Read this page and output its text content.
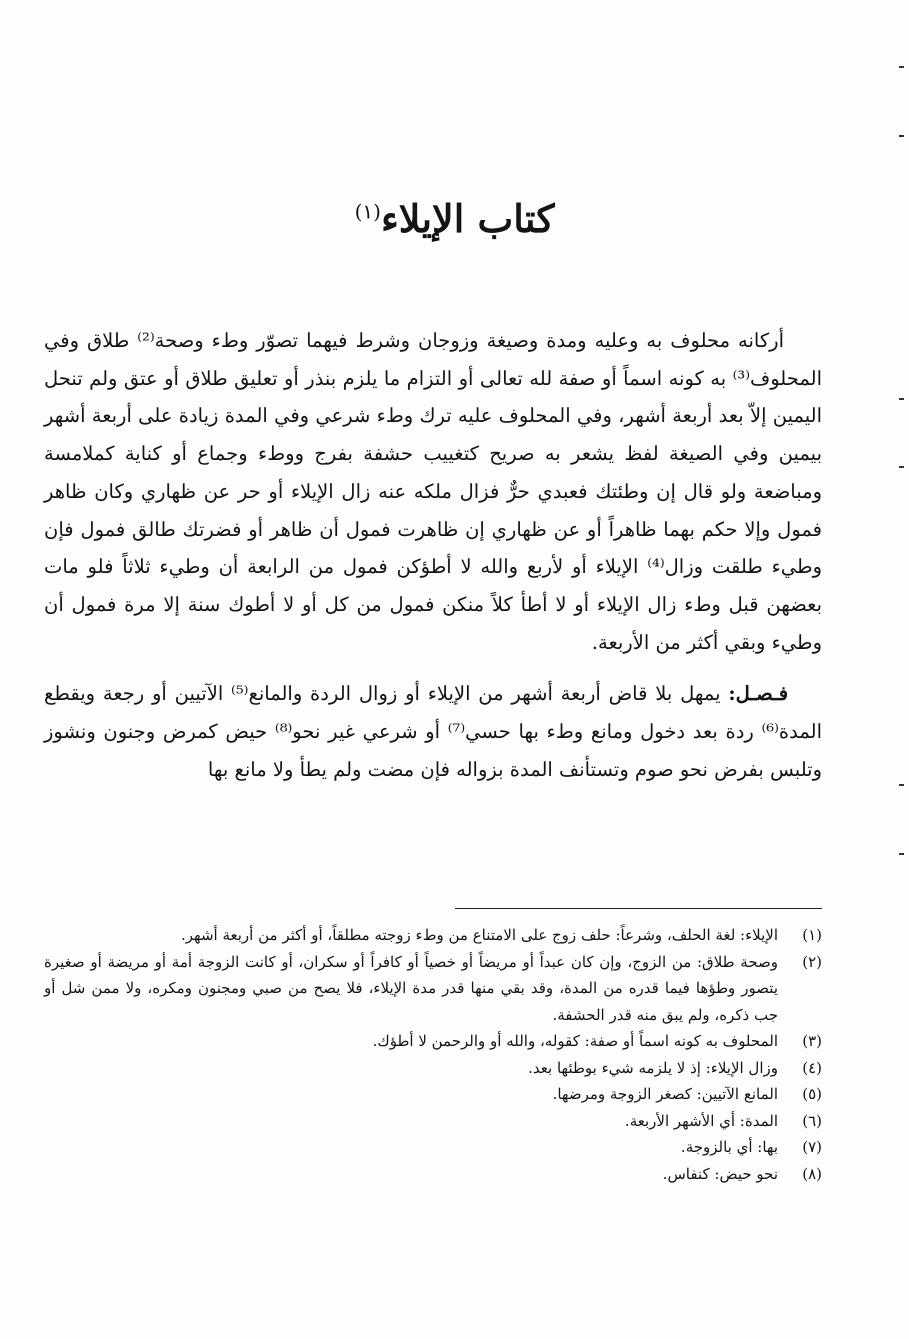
كتاب الإيلاء$^{(١)}$

أركانه محلوف به وعليه ومدة وصيغة وزوجان وشرط فيهما تصوّر وطء وصحة⁽²⁾ طلاق وفي المحلوف⁽³⁾ به كونه اسماً أو صفة لله تعالى أو التزام ما يلزم بنذر أو تعليق طلاق أو عتق ولم تنحل اليمين إلاّ بعد أربعة أشهر، وفي المحلوف عليه ترك وطء شرعي وفي المدة زيادة على أربعة أشهر بيمين وفي الصيغة لفظ يشعر به صريح كتغييب حشفة بفرج ووطء وجماع أو كناية كملامسة ومباضعة ولو قال إن وطئتك فعبدي حرٌّ فزال ملكه عنه زال الإيلاء أو حر عن ظهاري وكان ظاهر فمول وإلا حكم بهما ظاهراً أو عن ظهاري إن ظاهرت فمول أن ظاهر أو فضرتك طالق فمول فإن وطيء طلقت وزال⁽⁴⁾ الإيلاء أو لأربع والله لا أطؤكن فمول من الرابعة أن وطيء ثلاثاً فلو مات بعضهن قبل وطء زال الإيلاء أو لا أطأ كلاً منكن فمول من كل أو لا أطوك سنة إلا مرة فمول أن وطيء وبقي أكثر من الأربعة.

فـصـل: يمهل بلا قاض أربعة أشهر من الإيلاء أو زوال الردة والمانع⁽⁵⁾ الآتيين أو رجعة ويقطع المدة⁽⁶⁾ ردة بعد دخول ومانع وطء بها حسي⁽⁷⁾ أو شرعي غير نحو⁽⁸⁾ حيض كمرض وجنون ونشوز وتلبس بفرض نحو صوم وتستأنف المدة بزواله فإن مضت ولم يطأ ولا مانع بها

(١)
الإيلاء: لغة الحلف، وشرعاً: حلف زوج على الامتناع من وطء زوجته مطلقاً، أو أكثر من أربعة أشهر.
(٢)
وصحة طلاق: من الزوج، وإن كان عبداً أو مريضاً أو خصياً أو كافراً أو سكران، أو كانت الزوجة أمة أو مريضة أو صغيرة يتصور وطؤها فيما قدره من المدة، وقد بقي منها قدر مدة الإيلاء، فلا يصح من صبي ومجنون ومكره، ولا ممن شل أو جب ذكره، ولم يبق منه قدر الحشفة.
(٣)
المحلوف به كونه اسماً أو صفة: كقوله، والله أو والرحمن لا أطؤك.
(٤)
وزال الإيلاء: إذ لا يلزمه شيء بوطئها بعد.
(٥)
المانع الآتيين: كصغر الزوجة ومرضها.
(٦)
المدة: أي الأشهر الأربعة.
(٧)
بها: أي بالزوجة.
(٨)
نحو حيض: كنفاس.
